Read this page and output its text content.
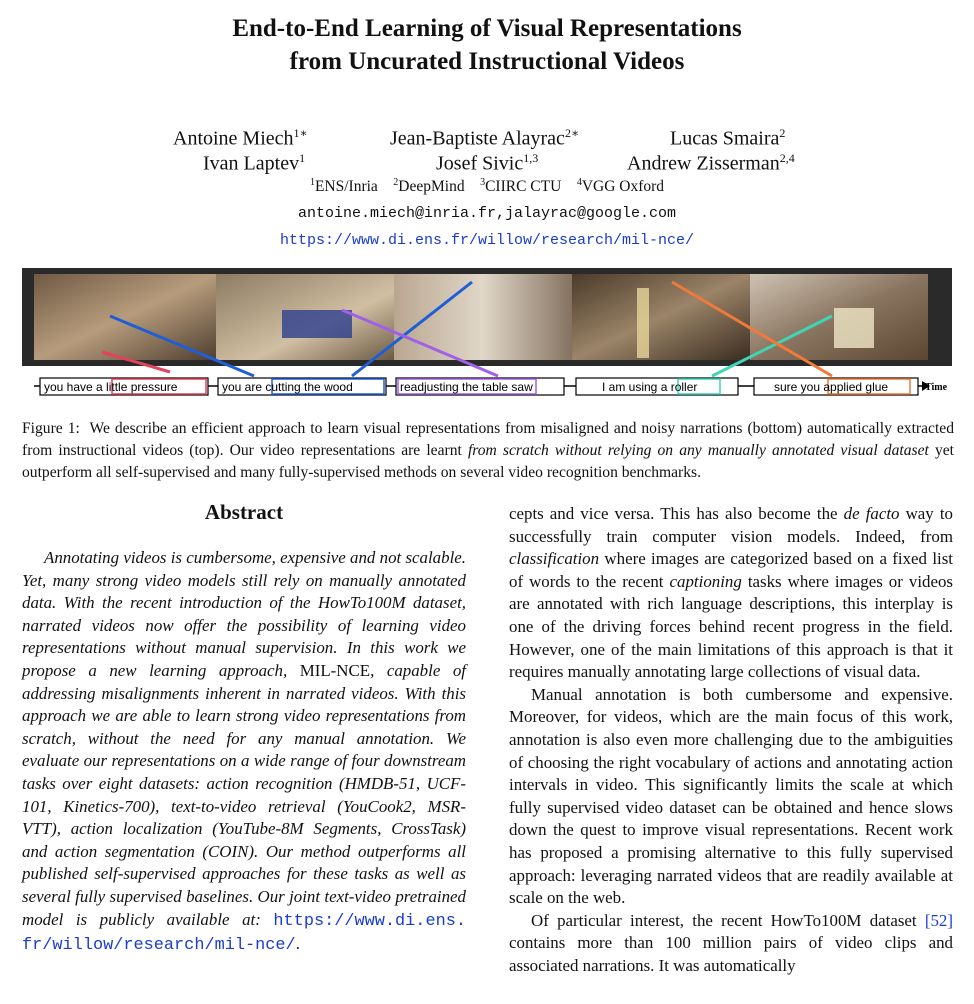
End-to-End Learning of Visual Representations
from Uncurated Instructional Videos
Antoine Miech$^{1∗}$	Jean-Baptiste Alayrac$^{2∗}$	Lucas Smaira$^2$
Ivan Laptev$^1$	Josef Sivic$^{1,3}$	Andrew Zisserman$^{2,4}$
$^1$ENS/Inria $^2$DeepMind $^3$CIIRC CTU $^4$VGG Oxford
antoine.miech@inria.fr,jalayrac@google.com
https://www.di.ens.fr/willow/research/mil-nce/
Time
you have a little pressure	you are cutting the wood	readjusting the table saw	I am using a roller	sure you applied glue
Figure 1: We describe an efficient approach to learn visual representations from misaligned and noisy narrations (bottom) automatically extracted from instructional videos (top). Our video representations are learnt from scratch without relying on any manually annotated visual dataset yet outperform all self-supervised and many fully-supervised methods on several video recognition benchmarks.
Abstract
Annotating videos is cumbersome, expensive and not scalable. Yet, many strong video models still rely on manually annotated data. With the recent introduction of the HowTo100M dataset, narrated videos now offer the possibility of learning video representations without manual supervision. In this work we propose a new learning approach, MIL-NCE, capable of addressing misalignments inherent in narrated videos. With this approach we are able to learn strong video representations from scratch, without the need for any manual annotation. We evaluate our representations on a wide range of four downstream tasks over eight datasets: action recognition (HMDB-51, UCF-101, Kinetics-700), text-to-video retrieval (YouCook2, MSR-VTT), action localization (YouTube-8M Segments, CrossTask) and action segmentation (COIN). Our method outperforms all published self-supervised approaches for these tasks as well as several fully supervised baselines. Our joint text-video pretrained model is publicly available at: https://www.di.ens. fr/willow/research/mil-nce/.

cepts and vice versa. This has also become the de facto way to successfully train computer vision models. Indeed, from classification where images are categorized based on a fixed list of words to the recent captioning tasks where images or videos are annotated with rich language descriptions, this interplay is one of the driving forces behind recent progress in the field. However, one of the main limitations of this approach is that it requires manually annotating large collections of visual data.

Manual annotation is both cumbersome and expensive. Moreover, for videos, which are the main focus of this work, annotation is also even more challenging due to the ambiguities of choosing the right vocabulary of actions and annotating action intervals in video. This significantly limits the scale at which fully supervised video dataset can be obtained and hence slows down the quest to improve visual representations. Recent work has proposed a promising alternative to this fully supervised approach: leveraging narrated videos that are readily available at scale on the web.

Of particular interest, the recent HowTo100M dataset [52] contains more than 100 million pairs of video clips and associated narrations. It was automatically
